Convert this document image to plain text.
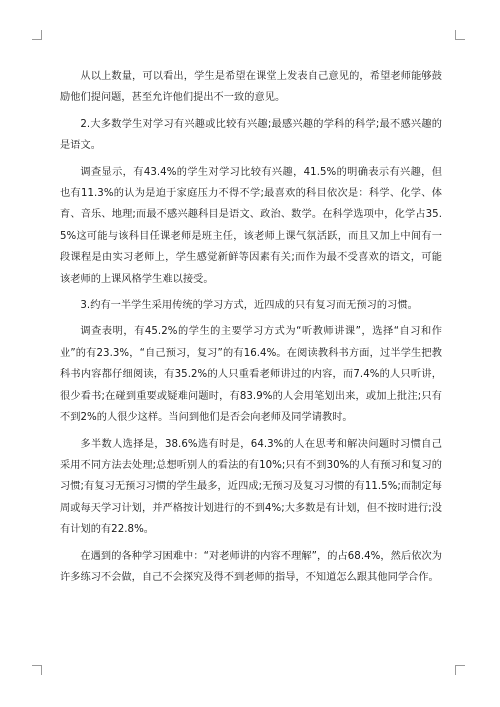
从以上数量，可以看出，学生是希望在课堂上发表自己意见的，希望老师能够鼓励他们提问题，甚至允许他们提出不一致的意见。

2.大多数学生对学习有兴趣或比较有兴趣;最感兴趣的学科的科学;最不感兴趣的是语文。

调查显示，有43.4%的学生对学习比较有兴趣，41.5%的明确表示有兴趣，但也有11.3%的认为是迫于家庭压力不得不学;最喜欢的科目依次是：科学、化学、体育、音乐、地理;而最不感兴趣科目是语文、政治、数学。在科学选项中，化学占35.5%这可能与该科目任课老师是班主任，该老师上课气氛活跃，而且又加上中间有一段课程是由实习老师上，学生感觉新鲜等因素有关;而作为最不受喜欢的语文，可能该老师的上课风格学生难以接受。

3.约有一半学生采用传统的学习方式，近四成的只有复习而无预习的习惯。

调查表明，有45.2%的学生的主要学习方式为“听教师讲课”，选择“自习和作业”的有23.3%，“自己预习，复习”的有16.4%。在阅读教科书方面，过半学生把教科书内容都仔细阅读，有35.2%的人只重看老师讲过的内容，而7.4%的人只听讲，很少看书;在碰到重要或疑难问题时，有83.9%的人会用笔划出来，或加上批注;只有不到2%的人很少这样。当问到他们是否会向老师及同学请教时。

多半数人选择是，38.6%选有时是，64.3%的人在思考和解决问题时习惯自己采用不同方法去处理;总想听别人的看法的有10%;只有不到30%的人有预习和复习的习惯;有复习无预习习惯的学生最多，近四成;无预习及复习习惯的有11.5%;而制定每周或每天学习计划，并严格按计划进行的不到4%;大多数是有计划，但不按时进行;没有计划的有22.8%。

在遇到的各种学习困难中：“对老师讲的内容不理解”，的占68.4%，然后依次为许多练习不会做，自己不会探究及得不到老师的指导，不知道怎么跟其他同学合作。
